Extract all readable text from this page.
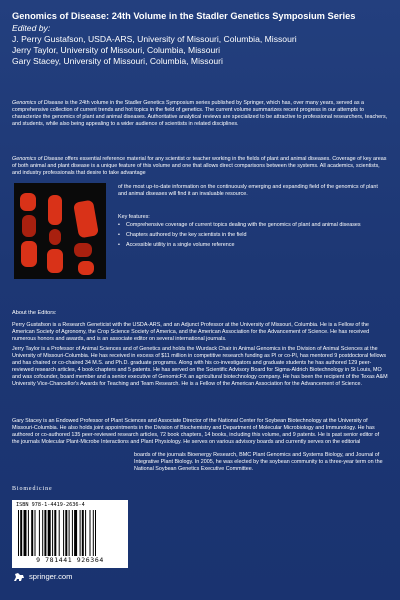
Genomics of Disease: 24th Volume in the Stadler Genetics Symposium Series
Edited by:
J. Perry Gustafson, USDA-ARS, University of Missouri, Columbia, Missouri
Jerry Taylor, University of Missouri, Columbia, Missouri
Gary Stacey, University of Missouri, Columbia, Missouri
Genomics of Disease is the 24th volume in the Stadler Genetics Symposium series published by Springer, which has, over many years, served as a comprehensive collection of current trends and hot topics in the field of genetics. The current volume summarizes recent progress in our attempts to characterize the genomics of plant and animal diseases. Authoritative analytical reviews are specialized to be attractive to professional researchers, teachers, and students, while also being appealing to a wider audience of scientists in related disciplines.
Genomics of Disease offers essential reference material for any scientist or teacher working in the fields of plant and animal diseases. Coverage of key areas of both animal and plant disease is a unique feature of this volume and one that allows direct comparisons between the systems. All academics, scientists, and industry professionals that desire to take advantage
of the most up-to-date information on the continuously emerging and expanding field of the genomics of plant and animal diseases will find it an invaluable resource.
Key features:
• Comprehensive coverage of current topics dealing with the genomics of plant and animal diseases
• Chapters authored by the key scientists in the field
• Accessible utility in a single volume reference
About the Editors:
Perry Gustafson is a Research Geneticist with the USDA-ARS, and an Adjunct Professor at the University of Missouri, Columbia. He is a Fellow of the American Society of Agronomy, the Crop Science Society of America, and the American Association for the Advancement of Science. He has received numerous honors and awards, and is an associate editor on several international journals.
Jerry Taylor is a Professor of Animal Sciences and of Genetics and holds the Wurdack Chair in Animal Genomics in the Division of Animal Sciences at the University of Missouri-Columbia. He has received in excess of $11 million in competitive research funding as PI or co-PI, has mentored 9 postdoctoral fellows and has chaired or co-chaired 34 M.S. and Ph.D. graduate programs. Along with his co-investigators and graduate students he has authored 129 peer-reviewed research articles, 4 book chapters and 5 patents. He has served on the Scientific Advisory Board for Sigma-Aldrich Biotechnology in St Louis, MO and was cofounder, board member and a senior executive of GenomicFX an agricultural biotechnology company. He has been the recipient of the Texas A&M University Vice-Chancellor's Awards for Teaching and Team Research. He is a Fellow of the American Association for the Advancement of Science.
Gary Stacey is an Endowed Professor of Plant Sciences and Associate Director of the National Center for Soybean Biotechnology at the University of Missouri-Columbia. He also holds joint appointments in the Division of Biochemistry and Department of Molecular Microbiology and Immunology. He has authored or co-authored 135 peer-reviewed research articles, 72 book chapters, 14 books, including this volume, and 9 patents. He is past senior editor of the journals Molecular Plant-Microbe Interactions and Plant Physiology. He serves on various advisory boards and currently serves on the editorial
boards of the journals Bioenergy Research, BMC Plant Genomics and Systems Biology, and Journal of Integrative Plant Biology. In 2005, he was elected by the soybean community to a three-year term on the National Soybean Genetics Executive Committee.
Biomedicine
ISBN 978-1-4419-2636-4
9 781441 926364
springer.com
